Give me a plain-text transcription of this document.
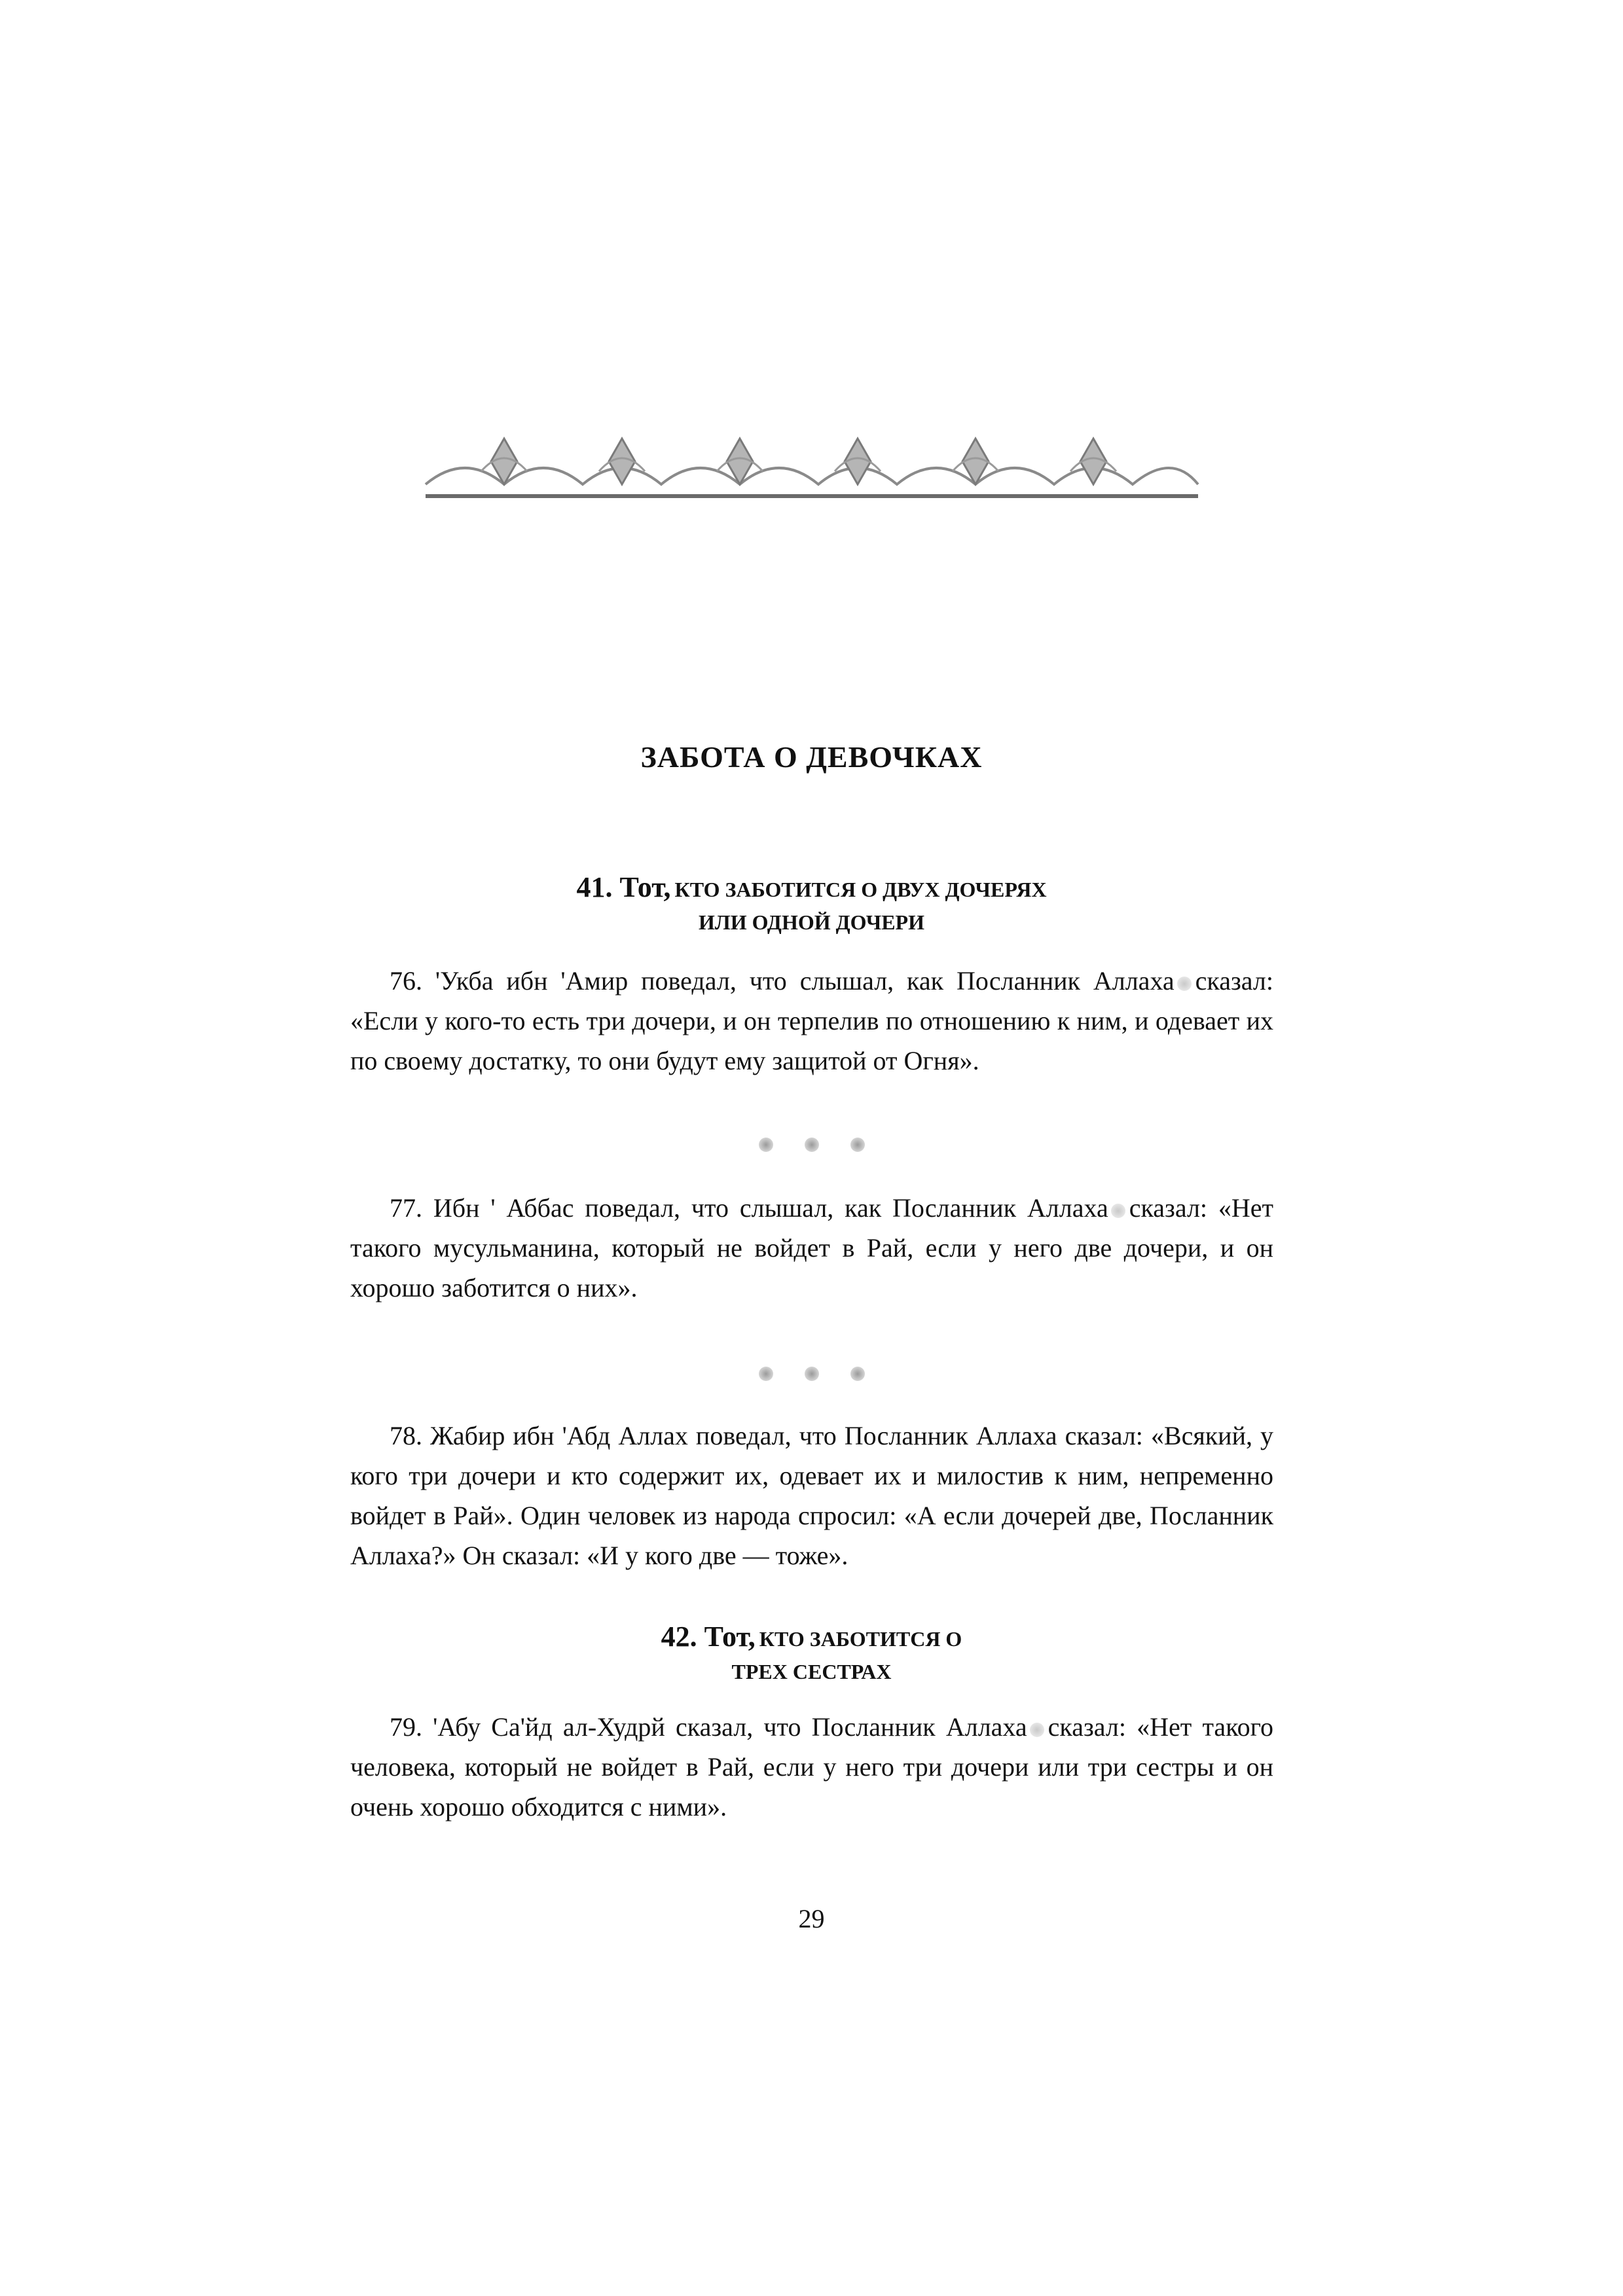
ЗАБОТА О ДЕВОЧКАХ
41. Тот, КТО ЗАБОТИТСЯ О ДВУХ ДОЧЕРЯХ
ИЛИ ОДНОЙ ДОЧЕРИ

76. 'Укба ибн 'Амир поведал, что слышал, как Посланник Аллаха сказал: «Если у кого-то есть три дочери, и он терпелив по отношению к ним, и одевает их по своему достатку, то они будут ему защитой от Огня».

77. Ибн ' Аббас поведал, что слышал, как Посланник Аллаха сказал: «Нет такого мусульманина, который не войдет в Рай, если у него две дочери, и он хорошо заботится о них».

78. Жабир ибн 'Абд Аллах поведал, что Посланник Аллаха сказал: «Всякий, у кого три дочери и кто содержит их, одевает их и милостив к ним, непременно войдет в Рай». Один человек из народа спросил: «А если дочерей две, Посланник Аллаха?» Он сказал: «И у кого две — тоже».

42. Тот, КТО ЗАБОТИТСЯ О
ТРЕХ СЕСТРАХ

79. 'Абу Са'йд ал-Худрй сказал, что Посланник Аллаха сказал: «Нет такого человека, который не войдет в Рай, если у него три дочери или три сестры и он очень хорошо обходится с ними».

29
